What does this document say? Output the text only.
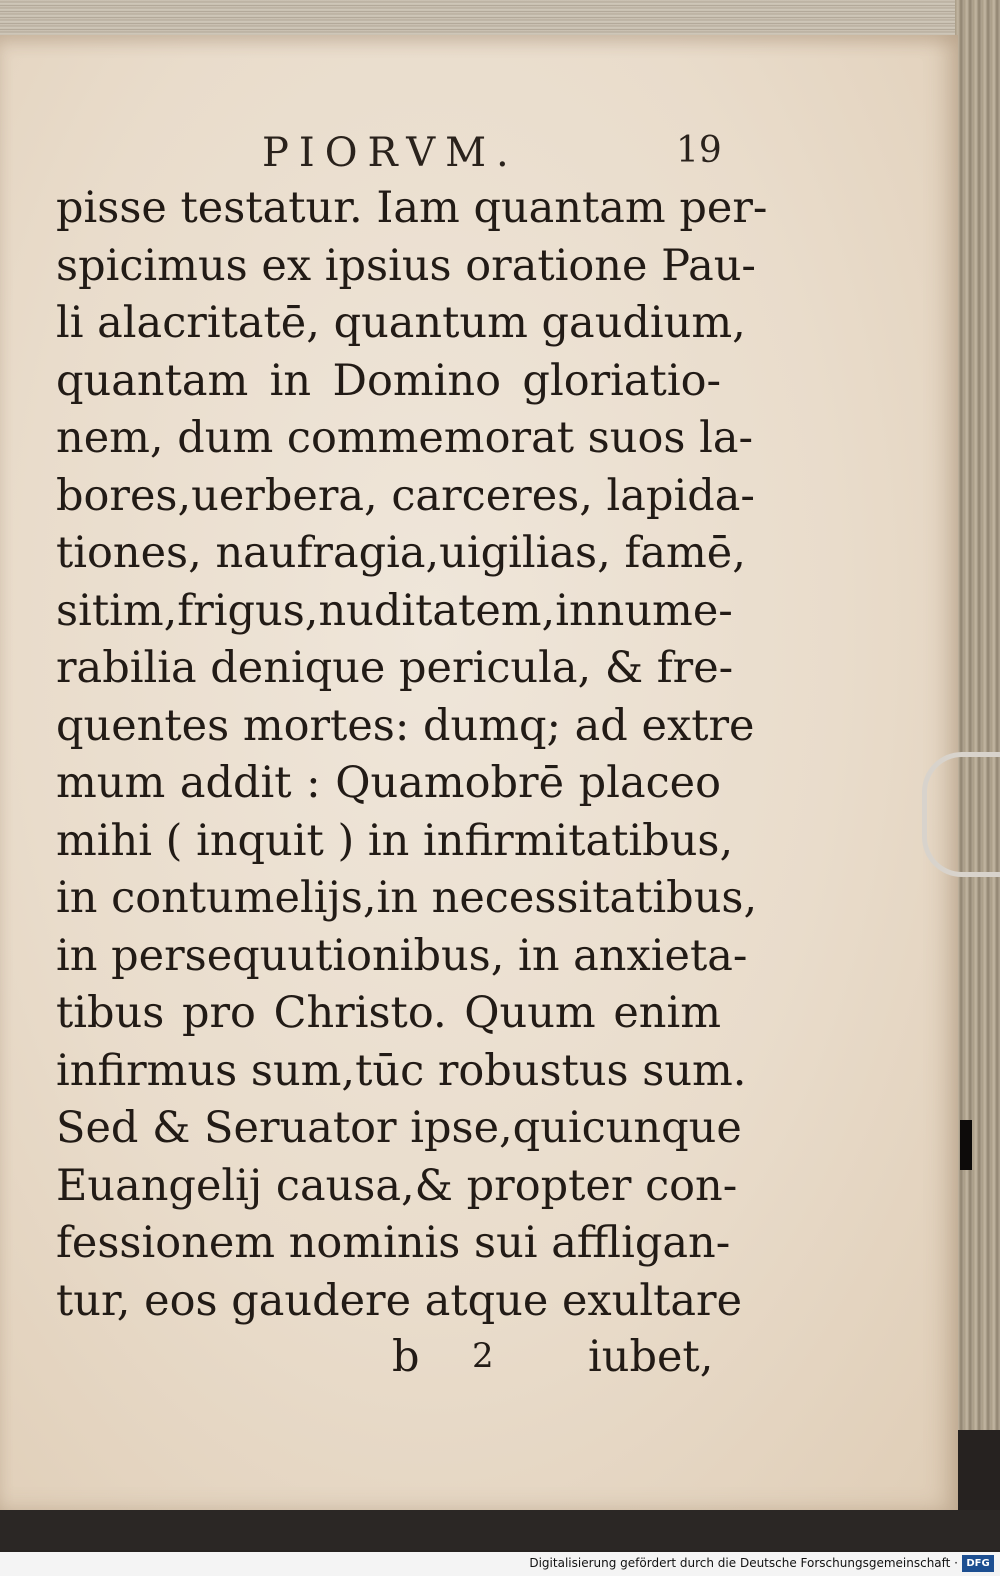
PIORVM.	19
pisse testatur. Iam quantam per-
spicimus ex ipsius oratione Pau-
li alacritatē, quantum gaudium,
quantam in Domino gloriatio-
nem, dum commemorat suos la-
bores,uerbera, carceres, lapida-
tiones, naufragia,uigilias, famē,
sitim,frigus,nuditatem,innume-
rabilia denique pericula, & fre-
quentes mortes: dumq; ad extre
mum addit : Quamobrē placeo
mihi ( inquit ) in infirmitatibus,
in contumelijs,in necessitatibus,
in persequutionibus, in anxieta-
tibus pro Christo. Quum enim
infirmus sum,tūc robustus sum.
Sed & Seruator ipse,quicunque
Euangelij causa,& propter con-
fessionem nominis sui affligan-
tur, eos gaudere atque exultare
b 2 iubet,
Digitalisierung gefördert durch die Deutsche Forschungsgemeinschaft · DFG
